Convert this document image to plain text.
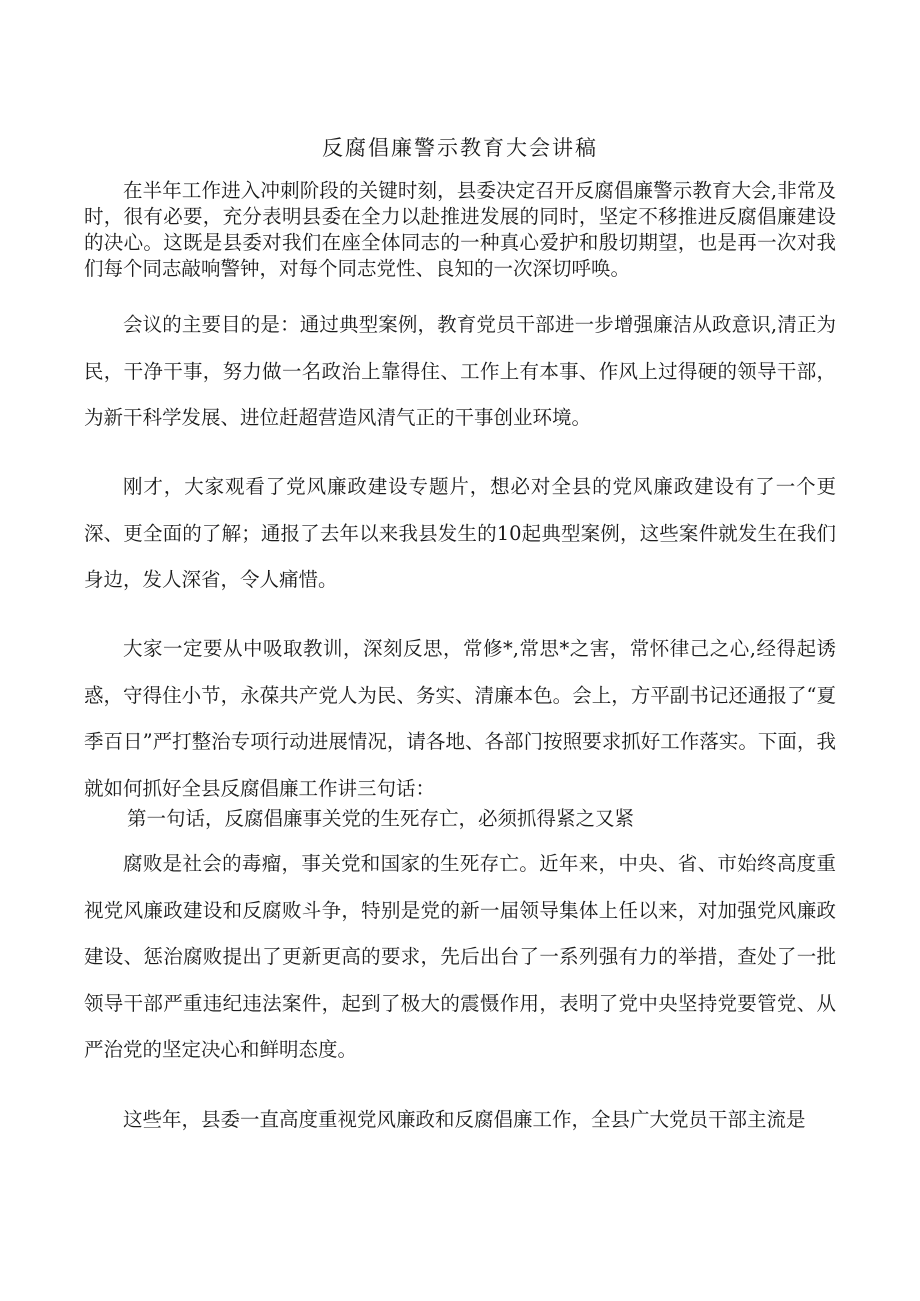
反腐倡廉警示教育大会讲稿

在半年工作进入冲刺阶段的关键时刻，县委决定召开反腐倡廉警示教育大会,非常及时，很有必要，充分表明县委在全力以赴推进发展的同时，坚定不移推进反腐倡廉建设的决心。这既是县委对我们在座全体同志的一种真心爱护和殷切期望，也是再一次对我们每个同志敲响警钟，对每个同志党性、良知的一次深切呼唤。

会议的主要目的是：通过典型案例，教育党员干部进一步增强廉洁从政意识,清正为民，干净干事，努力做一名政治上靠得住、工作上有本事、作风上过得硬的领导干部，为新干科学发展、进位赶超营造风清气正的干事创业环境。

刚才，大家观看了党风廉政建设专题片，想必对全县的党风廉政建设有了一个更深、更全面的了解；通报了去年以来我县发生的10起典型案例，这些案件就发生在我们身边，发人深省，令人痛惜。

大家一定要从中吸取教训，深刻反思，常修*,常思*之害，常怀律己之心,经得起诱惑，守得住小节，永葆共产党人为民、务实、清廉本色。会上，方平副书记还通报了“夏季百日”严打整治专项行动进展情况，请各地、各部门按照要求抓好工作落实。下面，我就如何抓好全县反腐倡廉工作讲三句话：

第一句话，反腐倡廉事关党的生死存亡，必须抓得紧之又紧

腐败是社会的毒瘤，事关党和国家的生死存亡。近年来，中央、省、市始终高度重视党风廉政建设和反腐败斗争，特别是党的新一届领导集体上任以来，对加强党风廉政建设、惩治腐败提出了更新更高的要求，先后出台了一系列强有力的举措，查处了一批领导干部严重违纪违法案件，起到了极大的震慑作用，表明了党中央坚持党要管党、从严治党的坚定决心和鲜明态度。

这些年，县委一直高度重视党风廉政和反腐倡廉工作，全县广大党员干部主流是
